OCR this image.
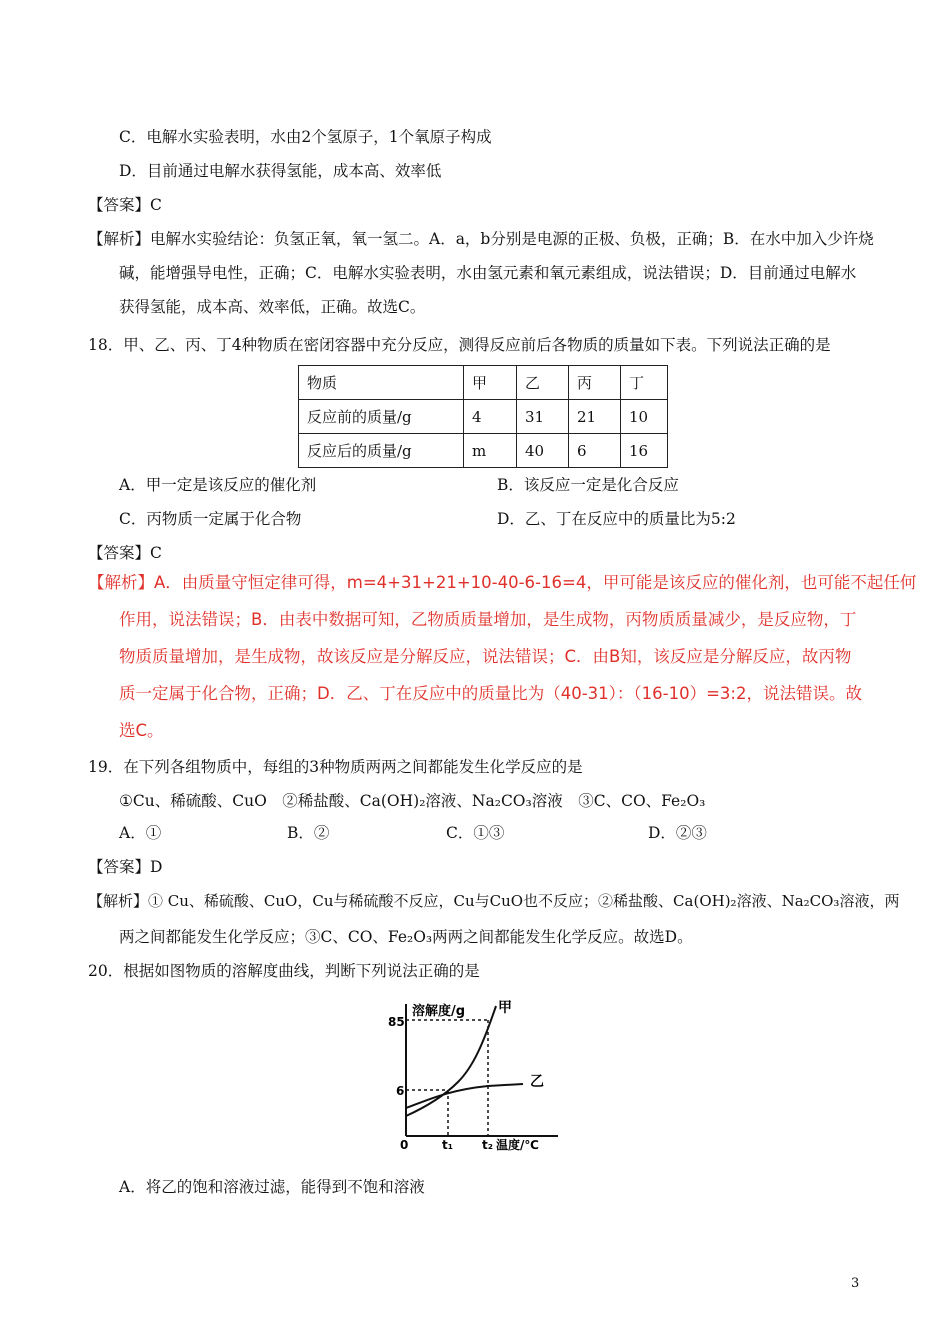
C．电解水实验表明，水由2个氢原子，1个氧原子构成
D．目前通过电解水获得氢能，成本高、效率低
【答案】C
【解析】电解水实验结论：负氢正氧，氧一氢二。A．a，b分别是电源的正极、负极，正确；B．在水中加入少许烧
碱，能增强导电性，正确；C．电解水实验表明，水由氢元素和氧元素组成，说法错误；D．目前通过电解水
获得氢能，成本高、效率低，正确。故选C。
18．甲、乙、丙、丁4种物质在密闭容器中充分反应，测得反应前后各物质的质量如下表。下列说法正确的是
物质	甲	乙	丙	丁
反应前的质量/g	4	31	21	10
反应后的质量/g	m	40	6	16
A．甲一定是该反应的催化剂	B．该反应一定是化合反应
C．丙物质一定属于化合物	D．乙、丁在反应中的质量比为5:2
【答案】C
【解析】A．由质量守恒定律可得，m=4+31+21+10-40-6-16=4，甲可能是该反应的催化剂，也可能不起任何
作用，说法错误；B．由表中数据可知，乙物质质量增加，是生成物，丙物质质量减少，是反应物，丁
物质质量增加，是生成物，故该反应是分解反应，说法错误；C．由B知，该反应是分解反应，故丙物
质一定属于化合物，正确；D．乙、丁在反应中的质量比为（40-31）：（16-10）=3:2，说法错误。故
选C。
19．在下列各组物质中，每组的3种物质两两之间都能发生化学反应的是
①Cu、稀硫酸、CuO　②稀盐酸、Ca(OH)₂溶液、Na₂CO₃溶液　③C、CO、Fe₂O₃
A．①	B．②	C．①③	D．②③
【答案】D
【解析】① Cu、稀硫酸、CuO，Cu与稀硫酸不反应，Cu与CuO也不反应；②稀盐酸、Ca(OH)₂溶液、Na₂CO₃溶液，两
两之间都能发生化学反应；③C、CO、Fe₂O₃两两之间都能发生化学反应。故选D。
20．根据如图物质的溶解度曲线，判断下列说法正确的是
溶解度/g
温度/℃
85
6
0	t₁ t₂
甲
乙
A．将乙的饱和溶液过滤，能得到不饱和溶液
3
